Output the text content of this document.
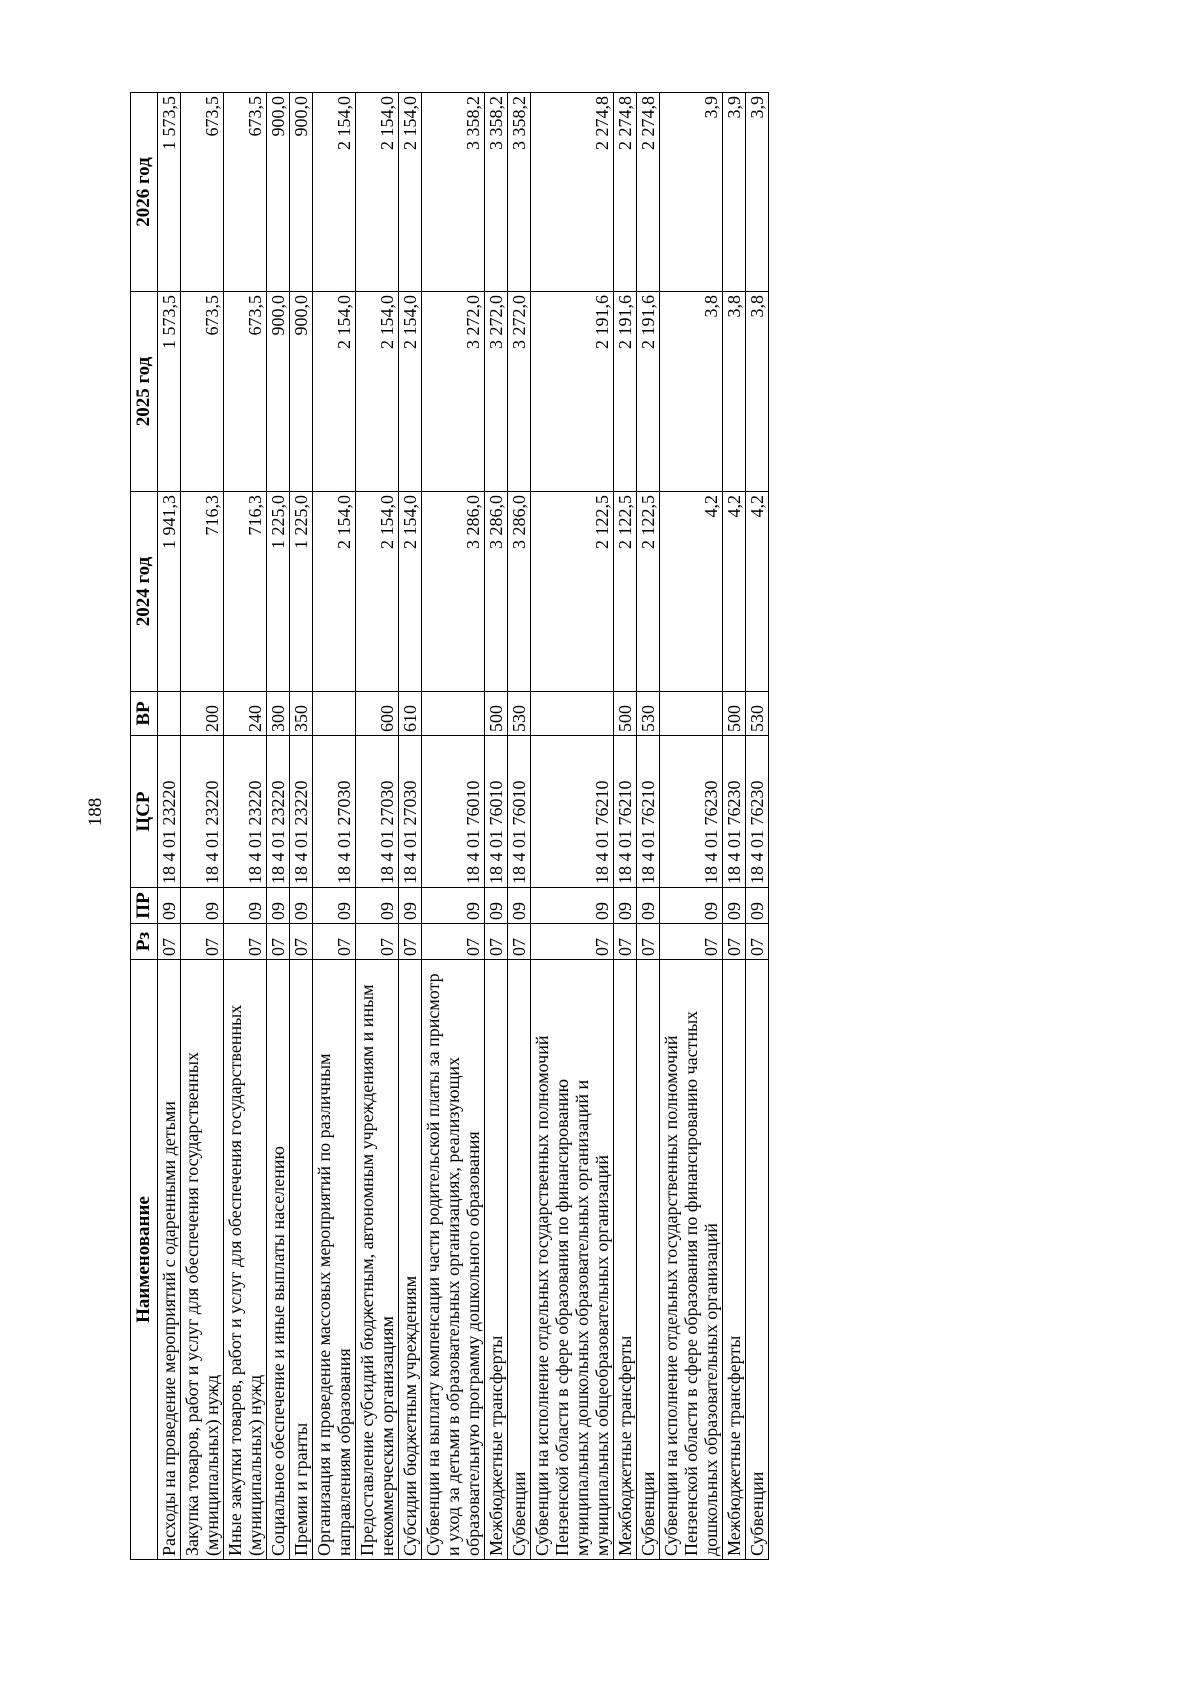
188
Наименование	Рз	ПР	ЦСР	ВР	2024 год	2025 год	2026 год
Расходы на проведение мероприятий с одаренными детьми	07	09	18 4 01 23220		1 941,3	1 573,5	1 573,5
Закупка товаров, работ и услуг для обеспечения государственных (муниципальных) нужд	07	09	18 4 01 23220	200	716,3	673,5	673,5
Иные закупки товаров, работ и услуг для обеспечения государственных (муниципальных) нужд	07	09	18 4 01 23220	240	716,3	673,5	673,5
Социальное обеспечение и иные выплаты населению	07	09	18 4 01 23220	300	1 225,0	900,0	900,0
Премии и гранты	07	09	18 4 01 23220	350	1 225,0	900,0	900,0
Организация и проведение массовых мероприятий по различным направлениям образования	07	09	18 4 01 27030		2 154,0	2 154,0	2 154,0
Предоставление субсидий бюджетным, автономным учреждениям и иным некоммерческим организациям	07	09	18 4 01 27030	600	2 154,0	2 154,0	2 154,0
Субсидии бюджетным учреждениям	07	09	18 4 01 27030	610	2 154,0	2 154,0	2 154,0
Субвенции на выплату компенсации части родительской платы за присмотр и уход за детьми в образовательных организациях, реализующих образовательную программу дошкольного образования	07	09	18 4 01 76010		3 286,0	3 272,0	3 358,2
Межбюджетные трансферты	07	09	18 4 01 76010	500	3 286,0	3 272,0	3 358,2
Субвенции	07	09	18 4 01 76010	530	3 286,0	3 272,0	3 358,2
Субвенции на исполнение отдельных государственных полномочий Пензенской области в сфере образования по финансированию муниципальных дошкольных образовательных организаций и муниципальных общеобразовательных организаций	07	09	18 4 01 76210		2 122,5	2 191,6	2 274,8
Межбюджетные трансферты	07	09	18 4 01 76210	500	2 122,5	2 191,6	2 274,8
Субвенции	07	09	18 4 01 76210	530	2 122,5	2 191,6	2 274,8
Субвенции на исполнение отдельных государственных полномочий Пензенской области в сфере образования по финансированию частных дошкольных образовательных организаций	07	09	18 4 01 76230		4,2	3,8	3,9
Межбюджетные трансферты	07	09	18 4 01 76230	500	4,2	3,8	3,9
Субвенции	07	09	18 4 01 76230	530	4,2	3,8	3,9
